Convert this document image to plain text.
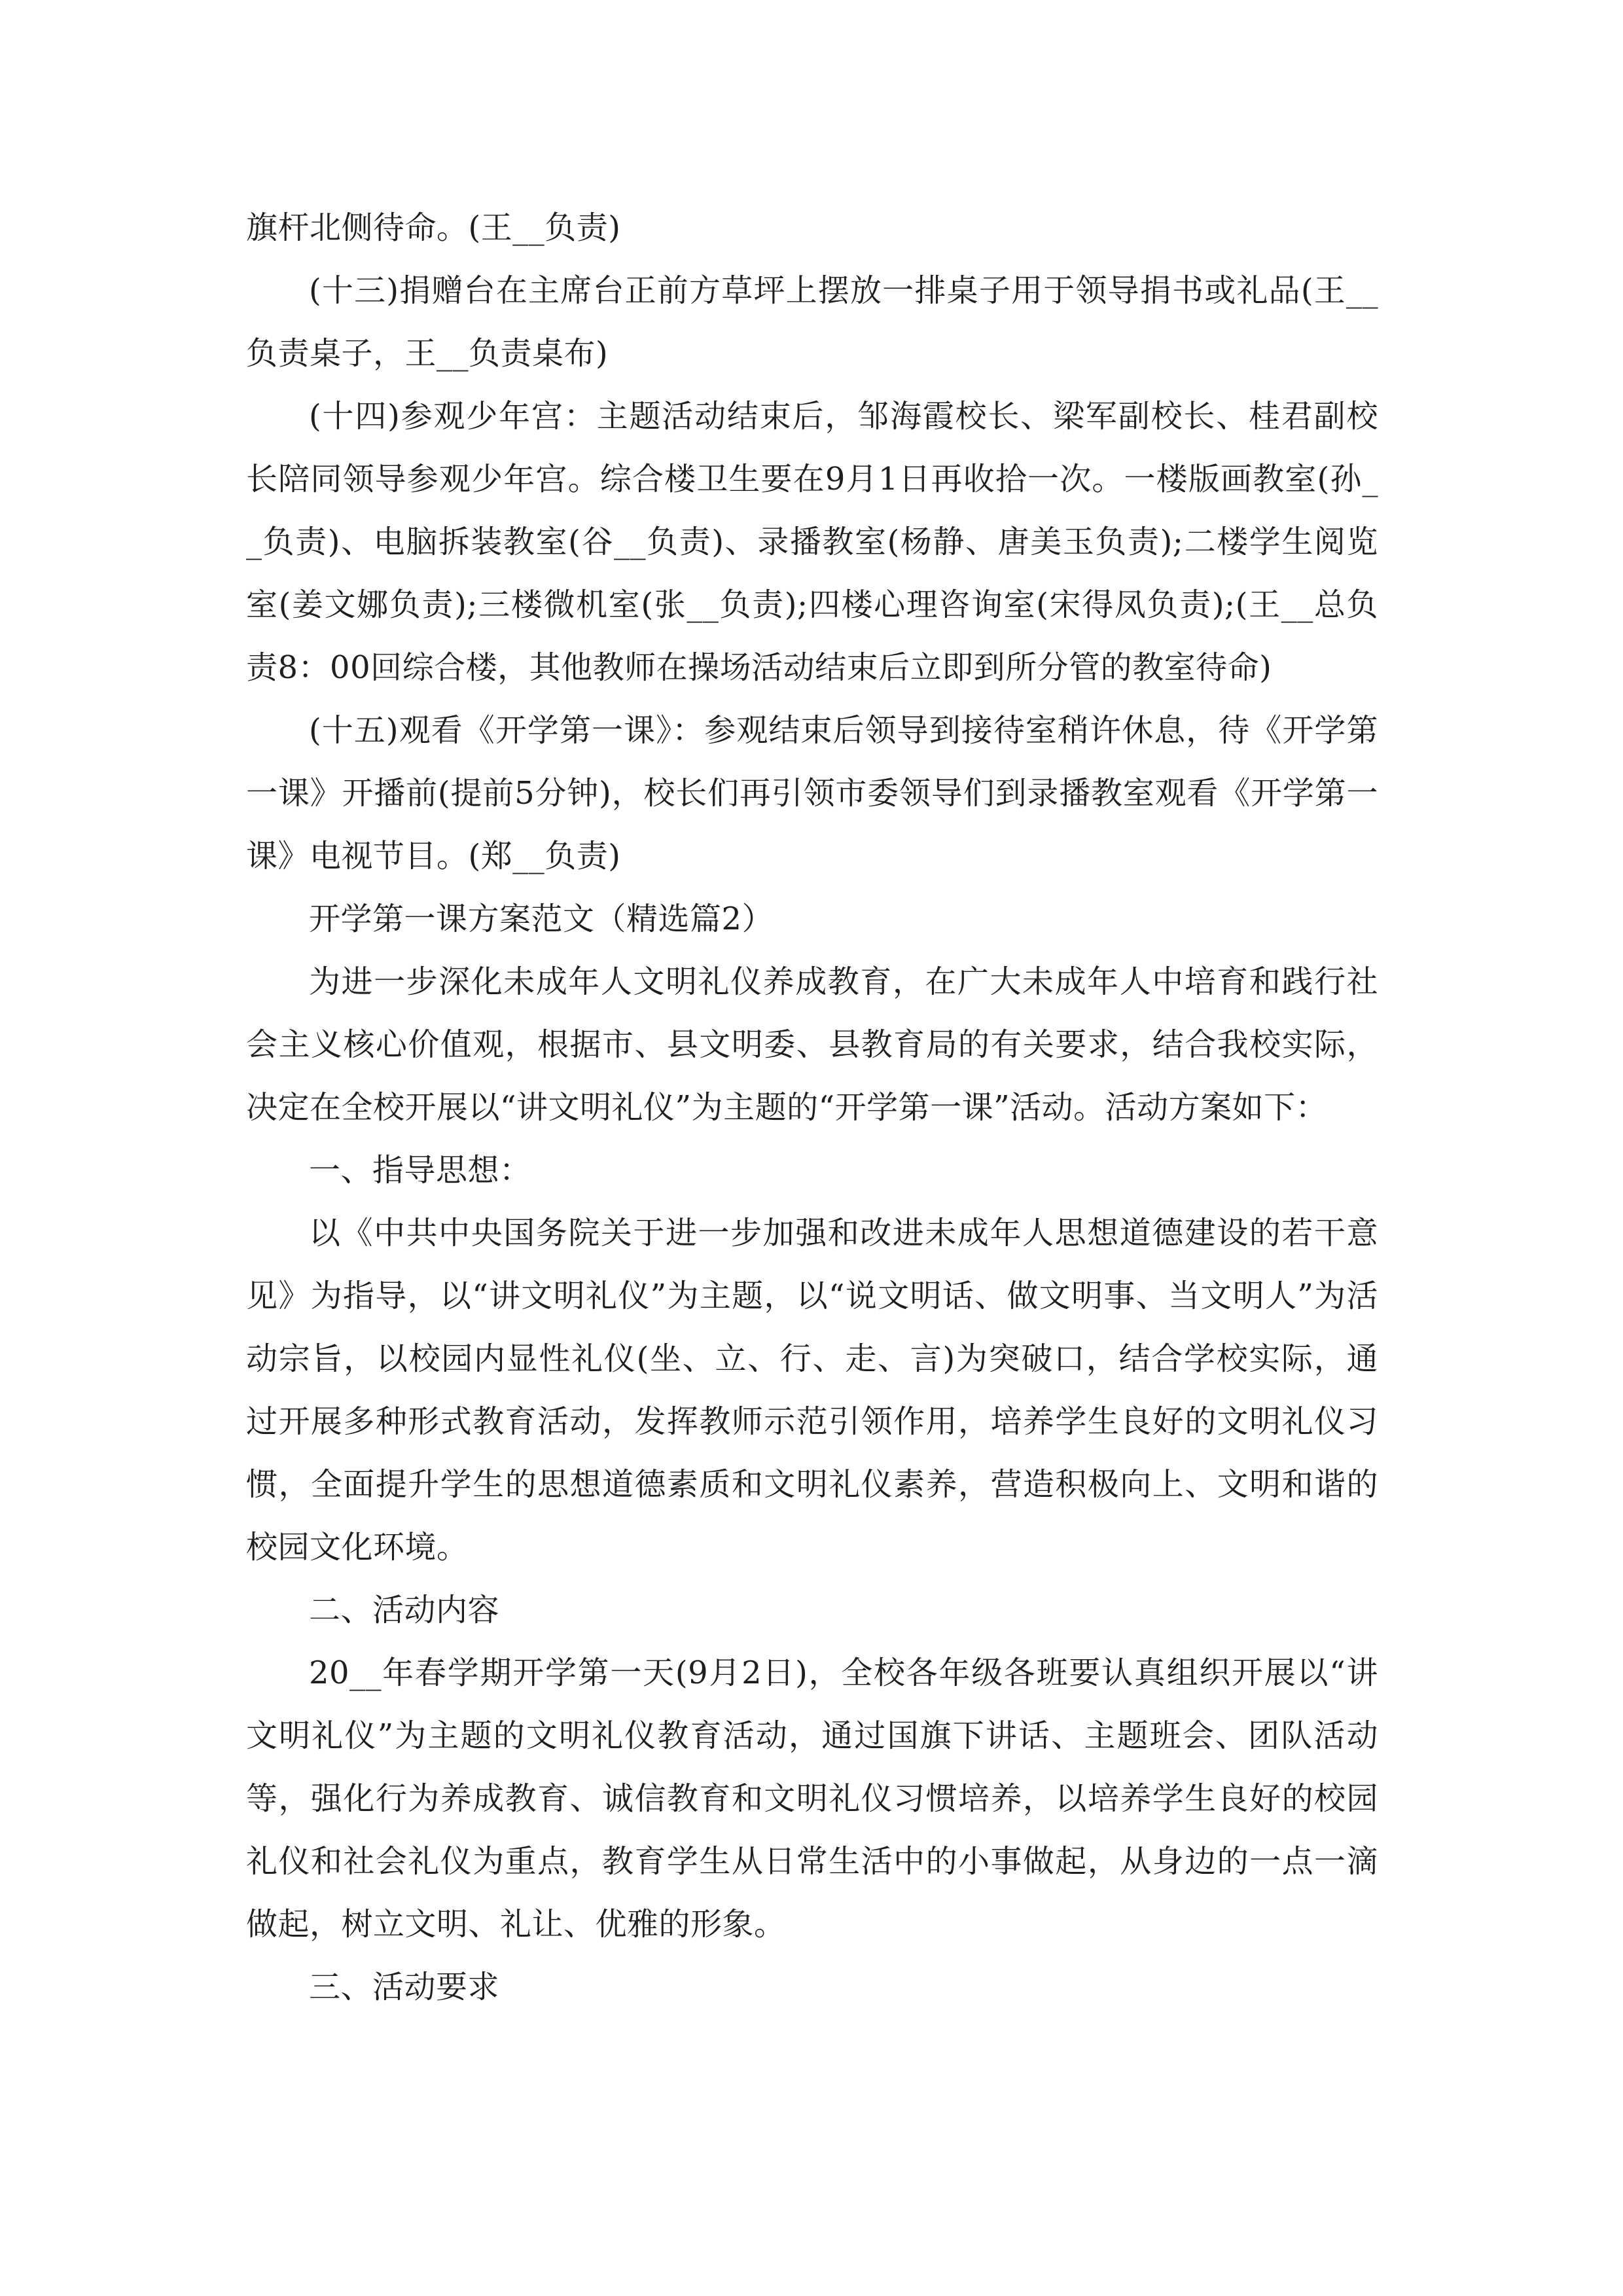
旗杆北侧待命。(王__负责)

(十三)捐赠台在主席台正前方草坪上摆放一排桌子用于领导捐书或礼品(王__负责桌子，王__负责桌布)

(十四)参观少年宫：主题活动结束后，邹海霞校长、梁军副校长、桂君副校长陪同领导参观少年宫。综合楼卫生要在9月1日再收拾一次。一楼版画教室(孙__负责)、电脑拆装教室(谷__负责)、录播教室(杨静、唐美玉负责);二楼学生阅览室(姜文娜负责);三楼微机室(张__负责);四楼心理咨询室(宋得凤负责);(王__总负责8：00回综合楼，其他教师在操场活动结束后立即到所分管的教室待命)

(十五)观看《开学第一课》：参观结束后领导到接待室稍许休息，待《开学第一课》开播前(提前5分钟)，校长们再引领市委领导们到录播教室观看《开学第一课》电视节目。(郑__负责)

开学第一课方案范文（精选篇2）

为进一步深化未成年人文明礼仪养成教育，在广大未成年人中培育和践行社会主义核心价值观，根据市、县文明委、县教育局的有关要求，结合我校实际，决定在全校开展以“讲文明礼仪”为主题的“开学第一课”活动。活动方案如下：

一、指导思想：

以《中共中央国务院关于进一步加强和改进未成年人思想道德建设的若干意见》为指导，以“讲文明礼仪”为主题，以“说文明话、做文明事、当文明人”为活动宗旨，以校园内显性礼仪(坐、立、行、走、言)为突破口，结合学校实际，通过开展多种形式教育活动，发挥教师示范引领作用，培养学生良好的文明礼仪习惯，全面提升学生的思想道德素质和文明礼仪素养，营造积极向上、文明和谐的校园文化环境。

二、活动内容

20__年春学期开学第一天(9月2日)，全校各年级各班要认真组织开展以“讲文明礼仪”为主题的文明礼仪教育活动，通过国旗下讲话、主题班会、团队活动等，强化行为养成教育、诚信教育和文明礼仪习惯培养，以培养学生良好的校园礼仪和社会礼仪为重点，教育学生从日常生活中的小事做起，从身边的一点一滴做起，树立文明、礼让、优雅的形象。

三、活动要求
